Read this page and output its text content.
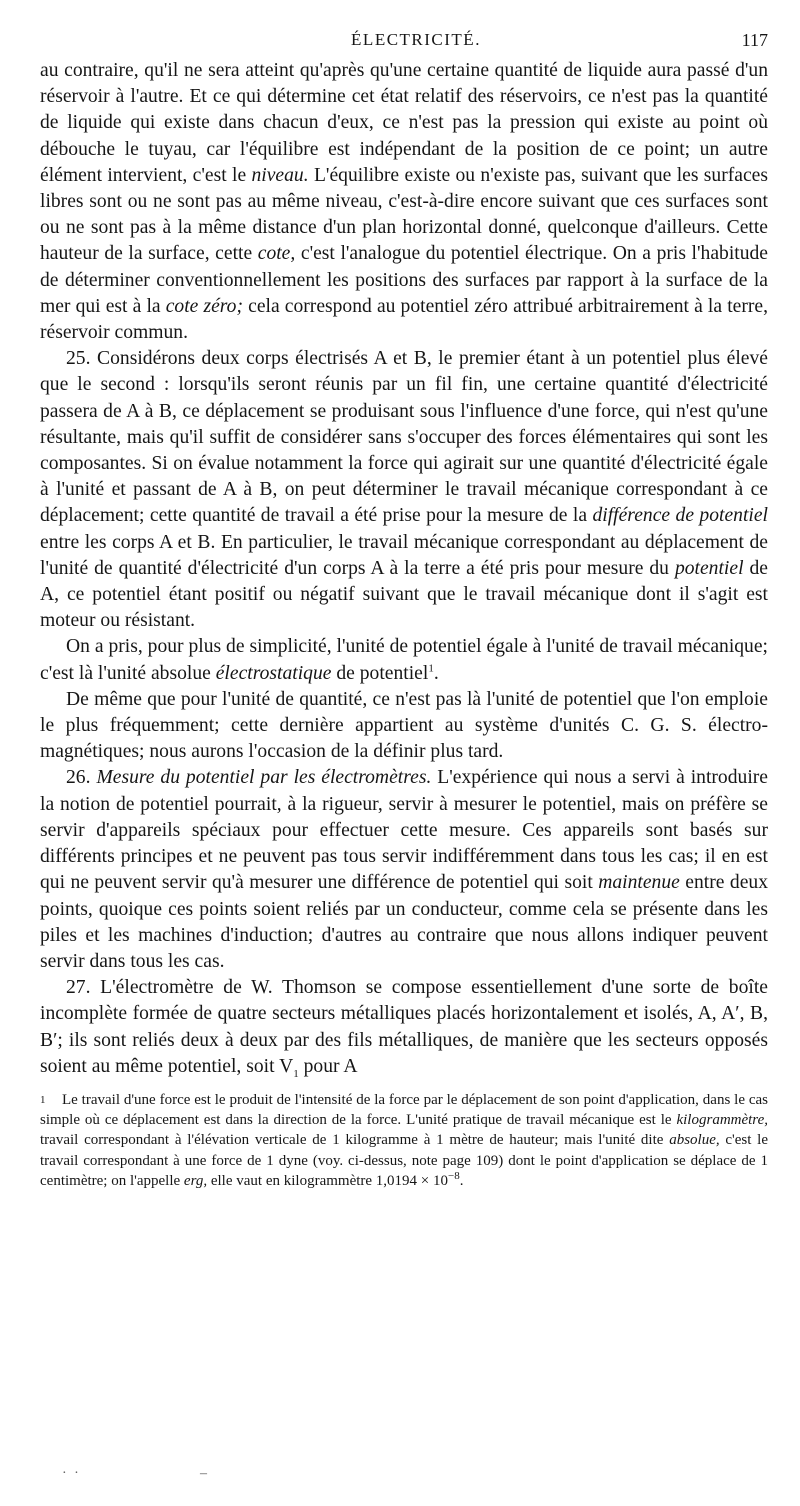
ÉLECTRICITÉ.	117

au contraire, qu'il ne sera atteint qu'après qu'une certaine quantité de liquide aura passé d'un réservoir à l'autre. Et ce qui détermine cet état relatif des réservoirs, ce n'est pas la quantité de liquide qui existe dans chacun d'eux, ce n'est pas la pression qui existe au point où débouche le tuyau, car l'équilibre est indépendant de la position de ce point; un autre élément intervient, c'est le niveau. L'équilibre existe ou n'existe pas, suivant que les surfaces libres sont ou ne sont pas au même niveau, c'est-à-dire encore suivant que ces surfaces sont ou ne sont pas à la même distance d'un plan horizontal donné, quelconque d'ailleurs. Cette hauteur de la surface, cette cote, c'est l'analogue du potentiel électrique. On a pris l'habitude de déterminer conventionnellement les positions des surfaces par rapport à la surface de la mer qui est à la cote zéro; cela correspond au potentiel zéro attribué arbitrairement à la terre, réservoir commun.

25. Considérons deux corps électrisés A et B, le premier étant à un potentiel plus élevé que le second : lorsqu'ils seront réunis par un fil fin, une certaine quantité d'électricité passera de A à B, ce déplacement se produisant sous l'influence d'une force, qui n'est qu'une résultante, mais qu'il suffit de considérer sans s'occuper des forces élémentaires qui sont les composantes. Si on évalue notamment la force qui agirait sur une quantité d'électricité égale à l'unité et passant de A à B, on peut déterminer le travail mécanique correspondant à ce déplacement; cette quantité de travail a été prise pour la mesure de la différence de potentiel entre les corps A et B. En particulier, le travail mécanique correspondant au déplacement de l'unité de quantité d'électricité d'un corps A à la terre a été pris pour mesure du potentiel de A, ce potentiel étant positif ou négatif suivant que le travail mécanique dont il s'agit est moteur ou résistant.

On a pris, pour plus de simplicité, l'unité de potentiel égale à l'unité de travail mécanique; c'est là l'unité absolue électrostatique de potentiel$^1$.

De même que pour l'unité de quantité, ce n'est pas là l'unité de potentiel que l'on emploie le plus fréquemment; cette dernière appartient au système d'unités C. G. S. électro-magnétiques; nous aurons l'occasion de la définir plus tard.

26. Mesure du potentiel par les électromètres. L'expérience qui nous a servi à introduire la notion de potentiel pourrait, à la rigueur, servir à mesurer le potentiel, mais on préfère se servir d'appareils spéciaux pour effectuer cette mesure. Ces appareils sont basés sur différents principes et ne peuvent pas tous servir indifféremment dans tous les cas; il en est qui ne peuvent servir qu'à mesurer une différence de potentiel qui soit maintenue entre deux points, quoique ces points soient reliés par un conducteur, comme cela se présente dans les piles et les machines d'induction; d'autres au contraire que nous allons indiquer peuvent servir dans tous les cas.

27. L'électromètre de W. Thomson se compose essentiellement d'une sorte de boîte incomplète formée de quatre secteurs métalliques placés horizontalement et isolés, A, A′, B, B′; ils sont reliés deux à deux par des fils métalliques, de manière que les secteurs opposés soient au même potentiel, soit $V_1$ pour A

1 Le travail d'une force est le produit de l'intensité de la force par le déplacement de son point d'application, dans le cas simple où ce déplacement est dans la direction de la force. L'unité pratique de travail mécanique est le kilogrammètre, travail correspondant à l'élévation verticale de 1 kilogramme à 1 mètre de hauteur; mais l'unité dite absolue, c'est le travail correspondant à une force de 1 dyne (voy. ci-dessus, note page 109) dont le point d'application se déplace de 1 centimètre; on l'appelle erg, elle vaut en kilogrammètre $1,0194 \times 10^{-8}$.

· ·	–
